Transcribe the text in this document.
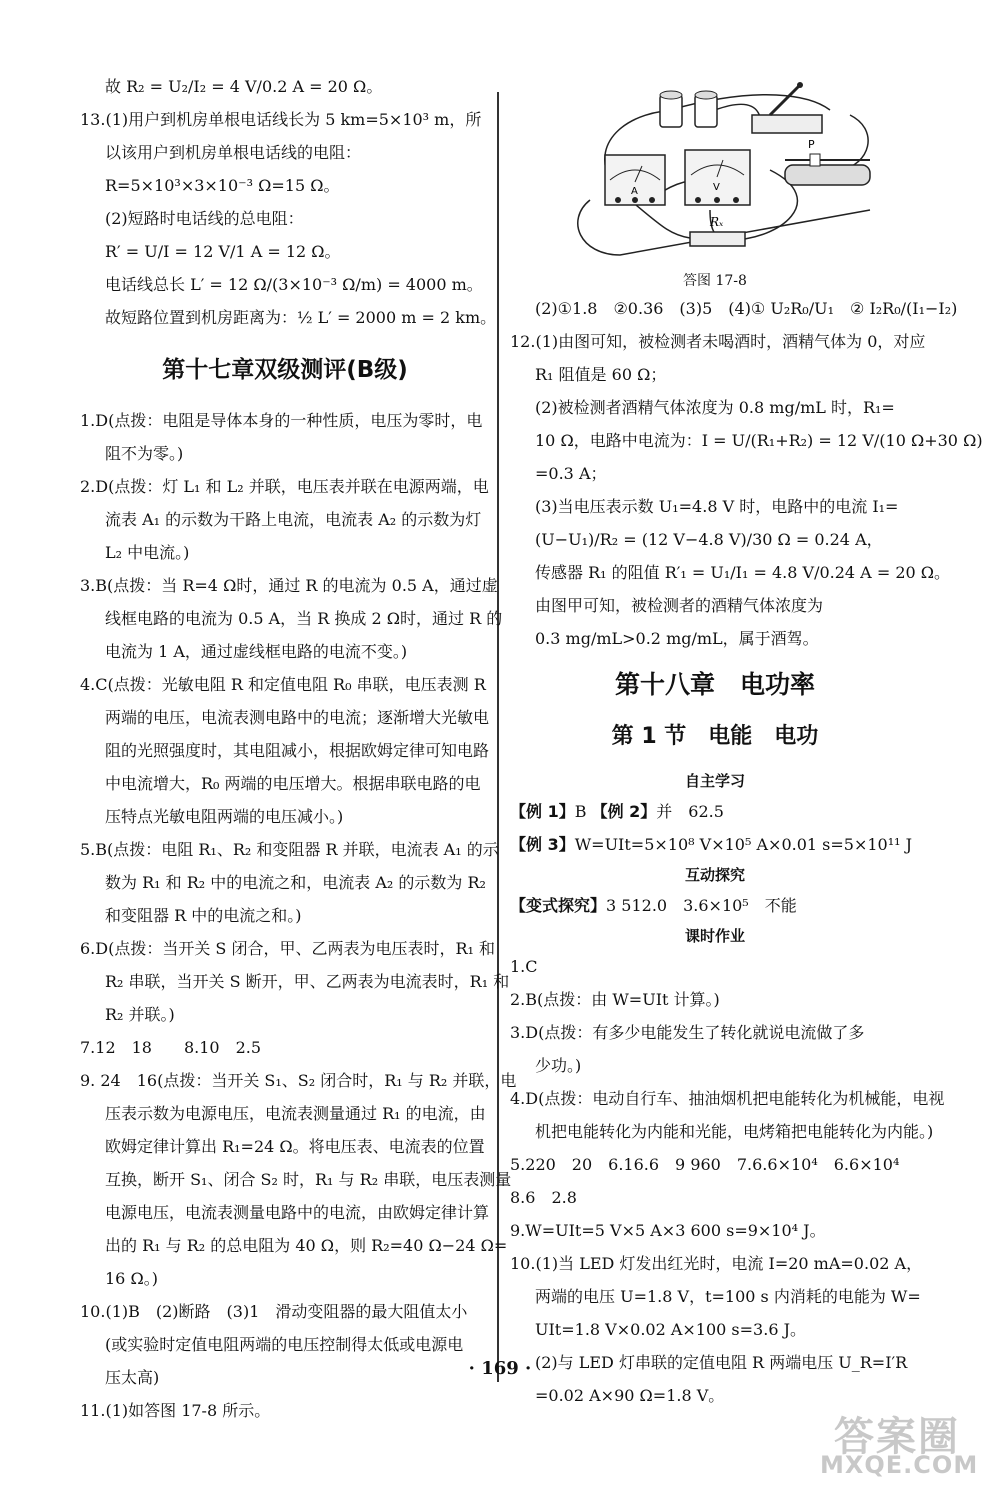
故 R₂ = U₂/I₂ = 4 V/0.2 A = 20 Ω。
13.(1)用户到机房单根电话线长为 5 km=5×10³ m，所
以该用户到机房单根电话线的电阻：
R=5×10³×3×10⁻³ Ω=15 Ω。
(2)短路时电话线的总电阻：
R′ = U/I = 12 V/1 A = 12 Ω。
电话线总长 L′ = 12 Ω/(3×10⁻³ Ω/m) = 4000 m。
故短路位置到机房距离为：½ L′ = 2000 m = 2 km。
第十七章双级测评(B级)
1.D(点拨：电阻是导体本身的一种性质，电压为零时，电
阻不为零。)
2.D(点拨：灯 L₁ 和 L₂ 并联，电压表并联在电源两端，电
流表 A₁ 的示数为干路上电流，电流表 A₂ 的示数为灯
L₂ 中电流。)
3.B(点拨：当 R=4 Ω时，通过 R 的电流为 0.5 A，通过虚
线框电路的电流为 0.5 A，当 R 换成 2 Ω时，通过 R 的
电流为 1 A，通过虚线框电路的电流不变。)
4.C(点拨：光敏电阻 R 和定值电阻 R₀ 串联，电压表测 R
两端的电压，电流表测电路中的电流；逐渐增大光敏电
阻的光照强度时，其电阻减小，根据欧姆定律可知电路
中电流增大，R₀ 两端的电压增大。根据串联电路的电
压特点光敏电阻两端的电压减小。)
5.B(点拨：电阻 R₁、R₂ 和变阻器 R 并联，电流表 A₁ 的示
数为 R₁ 和 R₂ 中的电流之和，电流表 A₂ 的示数为 R₂
和变阻器 R 中的电流之和。)
6.D(点拨：当开关 S 闭合，甲、乙两表为电压表时，R₁ 和
R₂ 串联，当开关 S 断开，甲、乙两表为电流表时，R₁ 和
R₂ 并联。)
7.12　18　　8.10　2.5
9. 24　16(点拨：当开关 S₁、S₂ 闭合时，R₁ 与 R₂ 并联，电
压表示数为电源电压，电流表测量通过 R₁ 的电流，由
欧姆定律计算出 R₁=24 Ω。将电压表、电流表的位置
互换，断开 S₁、闭合 S₂ 时，R₁ 与 R₂ 串联，电压表测量
电源电压，电流表测量电路中的电流，由欧姆定律计算
出的 R₁ 与 R₂ 的总电阻为 40 Ω，则 R₂=40 Ω−24 Ω=
16 Ω。)
10.(1)B　(2)断路　(3)1　滑动变阻器的最大阻值太小
(或实验时定值电阻两端的电压控制得太低或电源电
压太高)
11.(1)如答图 17-8 所示。
A	V
P
Rₓ
答图 17-8
(2)①1.8　②0.36　(3)5　(4)① U₂R₀/U₁　② I₂R₀/(I₁−I₂)
12.(1)由图可知，被检测者未喝酒时，酒精气体为 0，对应
R₁ 阻值是 60 Ω；
(2)被检测者酒精气体浓度为 0.8 mg/mL 时，R₁=
10 Ω，电路中电流为：I = U/(R₁+R₂) = 12 V/(10 Ω+30 Ω)
=0.3 A；
(3)当电压表示数 U₁=4.8 V 时，电路中的电流 I₁=
(U−U₁)/R₂ = (12 V−4.8 V)/30 Ω = 0.24 A，
传感器 R₁ 的阻值 R′₁ = U₁/I₁ = 4.8 V/0.24 A = 20 Ω。
由图甲可知，被检测者的酒精气体浓度为
0.3 mg/mL>0.2 mg/mL，属于酒驾。
第十八章　电功率
第 1 节　电能　电功
自主学习
【例 1】B 【例 2】并　62.5
【例 3】W=UIt=5×10⁸ V×10⁵ A×0.01 s=5×10¹¹ J
互动探究
【变式探究】3 512.0　3.6×10⁵　不能
课时作业
1.C
2.B(点拨：由 W=UIt 计算。)
3.D(点拨：有多少电能发生了转化就说电流做了多
少功。)
4.D(点拨：电动自行车、抽油烟机把电能转化为机械能，电视
机把电能转化为内能和光能，电烤箱把电能转化为内能。)
5.220　20　6.16.6　9 960　7.6.6×10⁴　6.6×10⁴
8.6　2.8
9.W=UIt=5 V×5 A×3 600 s=9×10⁴ J。
10.(1)当 LED 灯发出红光时，电流 I=20 mA=0.02 A，
两端的电压 U=1.8 V，t=100 s 内消耗的电能为 W=
UIt=1.8 V×0.02 A×100 s=3.6 J。
(2)与 LED 灯串联的定值电阻 R 两端电压 U_R=I′R
=0.02 A×90 Ω=1.8 V。
· 169 ·
答案圈
MXQE.COM
